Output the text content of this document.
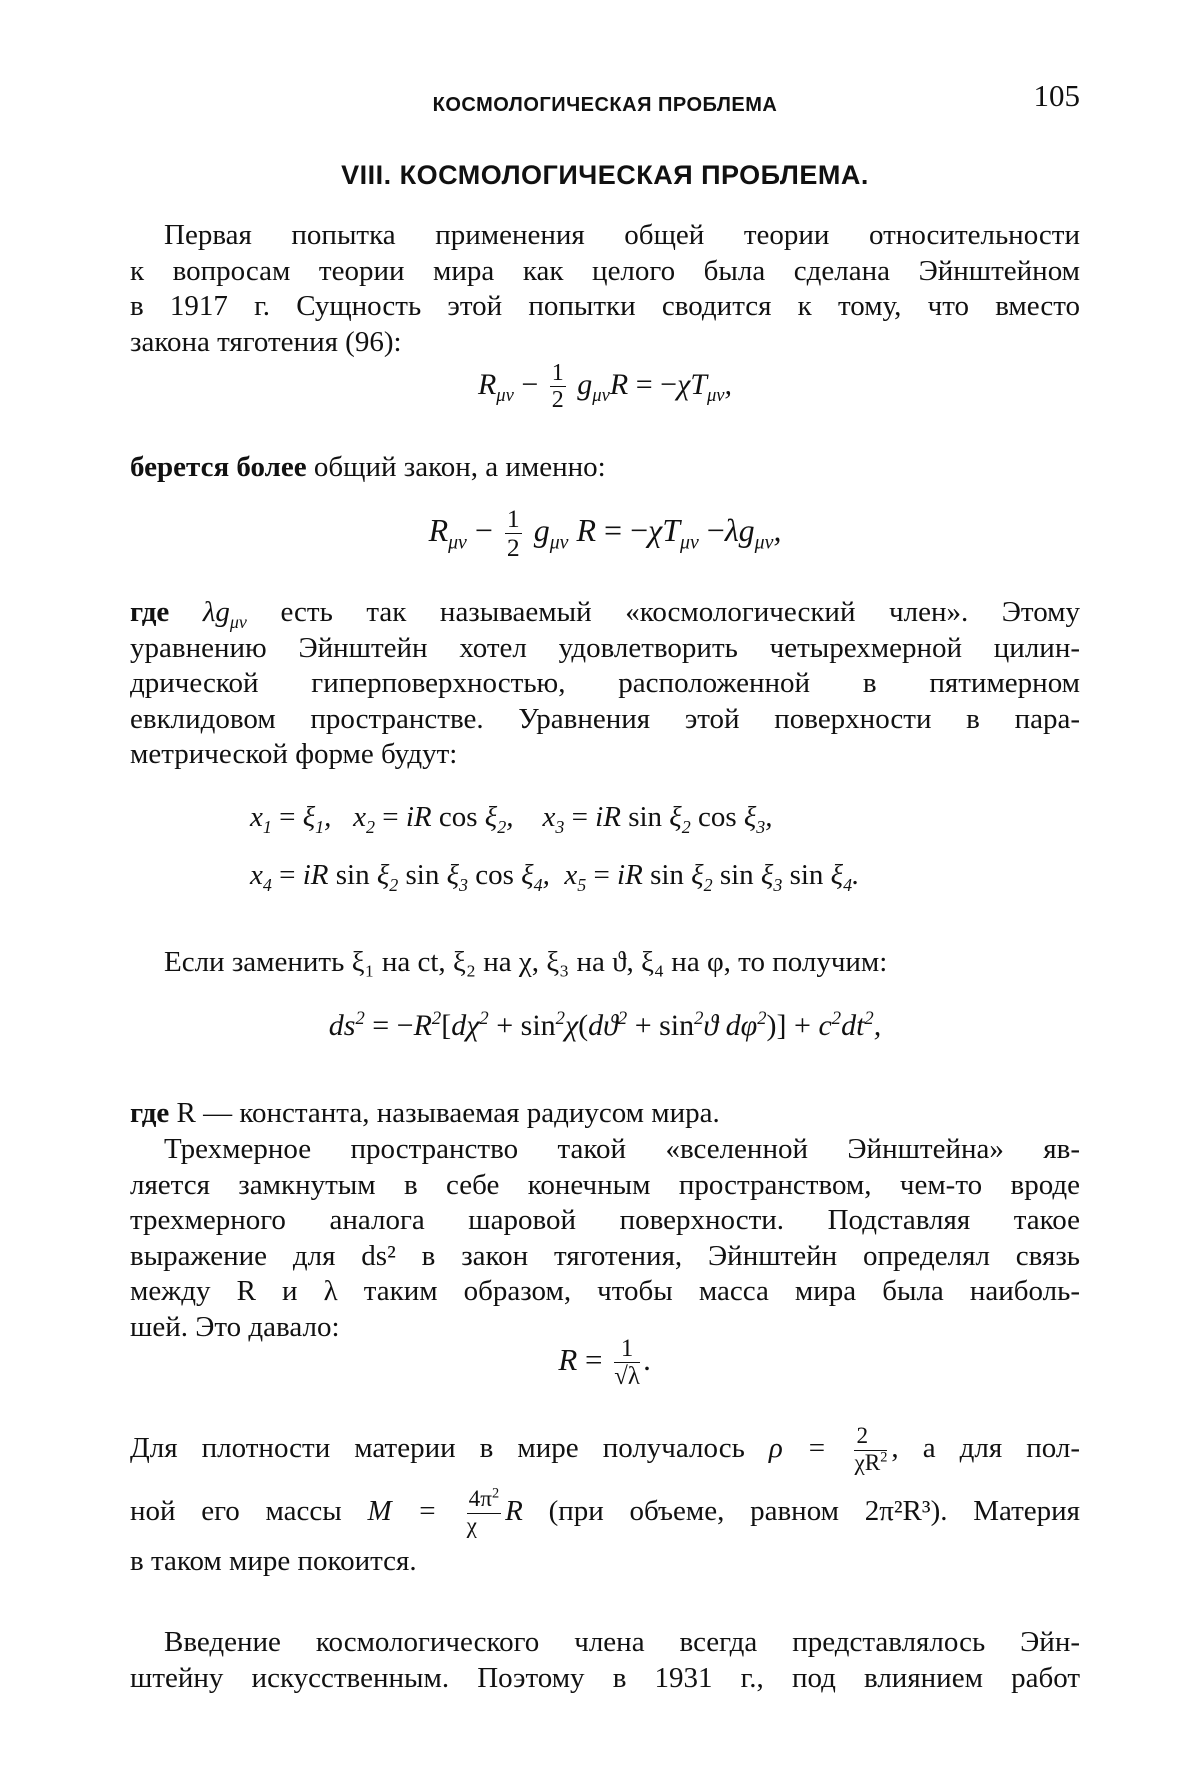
КОСМОЛОГИЧЕСКАЯ ПРОБЛЕМА	105
VIII. КОСМОЛОГИЧЕСКАЯ ПРОБЛЕМА.
Первая попытка применения общей теории относительности
к вопросам теории мира как целого была сделана Эйнштейном
в 1917 г. Сущность этой попытки сводится к тому, что вместо
закона тяготения (96):
$R_{\mu\nu} - \frac{1}{2} g_{\mu\nu}R = -\chi T_{\mu\nu}$,
берется более общий закон, а именно:
$R_{\mu\nu} - \frac{1}{2} g_{\mu\nu}$ $R = -\chi T_{\mu\nu} -\lambda g_{\mu\nu}$,
где $\lambda g_{\mu\nu}$ есть так называемый «космологический член». Этому
уравнению Эйнштейн хотел удовлетворить четырехмерной цилин-
дрической гиперповерхностью, расположенной в пятимерном
евклидовом пространстве. Уравнения этой поверхности в пара-
метрической форме будут:
$x_1 = \xi_1$,   $x_2$ = iR $\cos \xi_2$,    $x_3$ = iR $\sin \xi_2$ $\cos \xi_3$,
$x_4$ = iR $\sin \xi_2$ $\sin \xi_3$ $\cos \xi_4$,  $x_5$ = iR $\sin \xi_2$ $\sin \xi_3$ $\sin \xi_4$.
Если заменить ξ₁ на ct, ξ₂ на χ, ξ₃ на ϑ, ξ₄ на φ, то получим:
$ds^2 = -R^2[d\chi^2 + \sin^2\chi(dϑ^2 + \sin^2ϑ$ $d\varphi^2)] + c^2dt^2$,
где R — константа, называемая радиусом мира.
Трехмерное пространство такой «вселенной Эйнштейна» яв-
ляется замкнутым в себе конечным пространством, чем-то вроде
трехмерного аналога шаровой поверхности. Подставляя такое
выражение для ds² в закон тяготения, Эйнштейн определял связь
между R и λ таким образом, чтобы масса мира была наиболь-
шей. Это давало:
$R = \frac{1}{√\lambda}$ .
Для плотности материи в мире получалось $\rho = \frac{2}{\chi R^2}$ , а для пол-
ной его массы $M = \frac{4\pi^2}{\chi}$ R (при объеме, равном 2π²R³). Материя
в таком мире покоится.
Введение космологического члена всегда представлялось Эйн-
штейну искусственным. Поэтому в 1931 г., под влиянием работ
